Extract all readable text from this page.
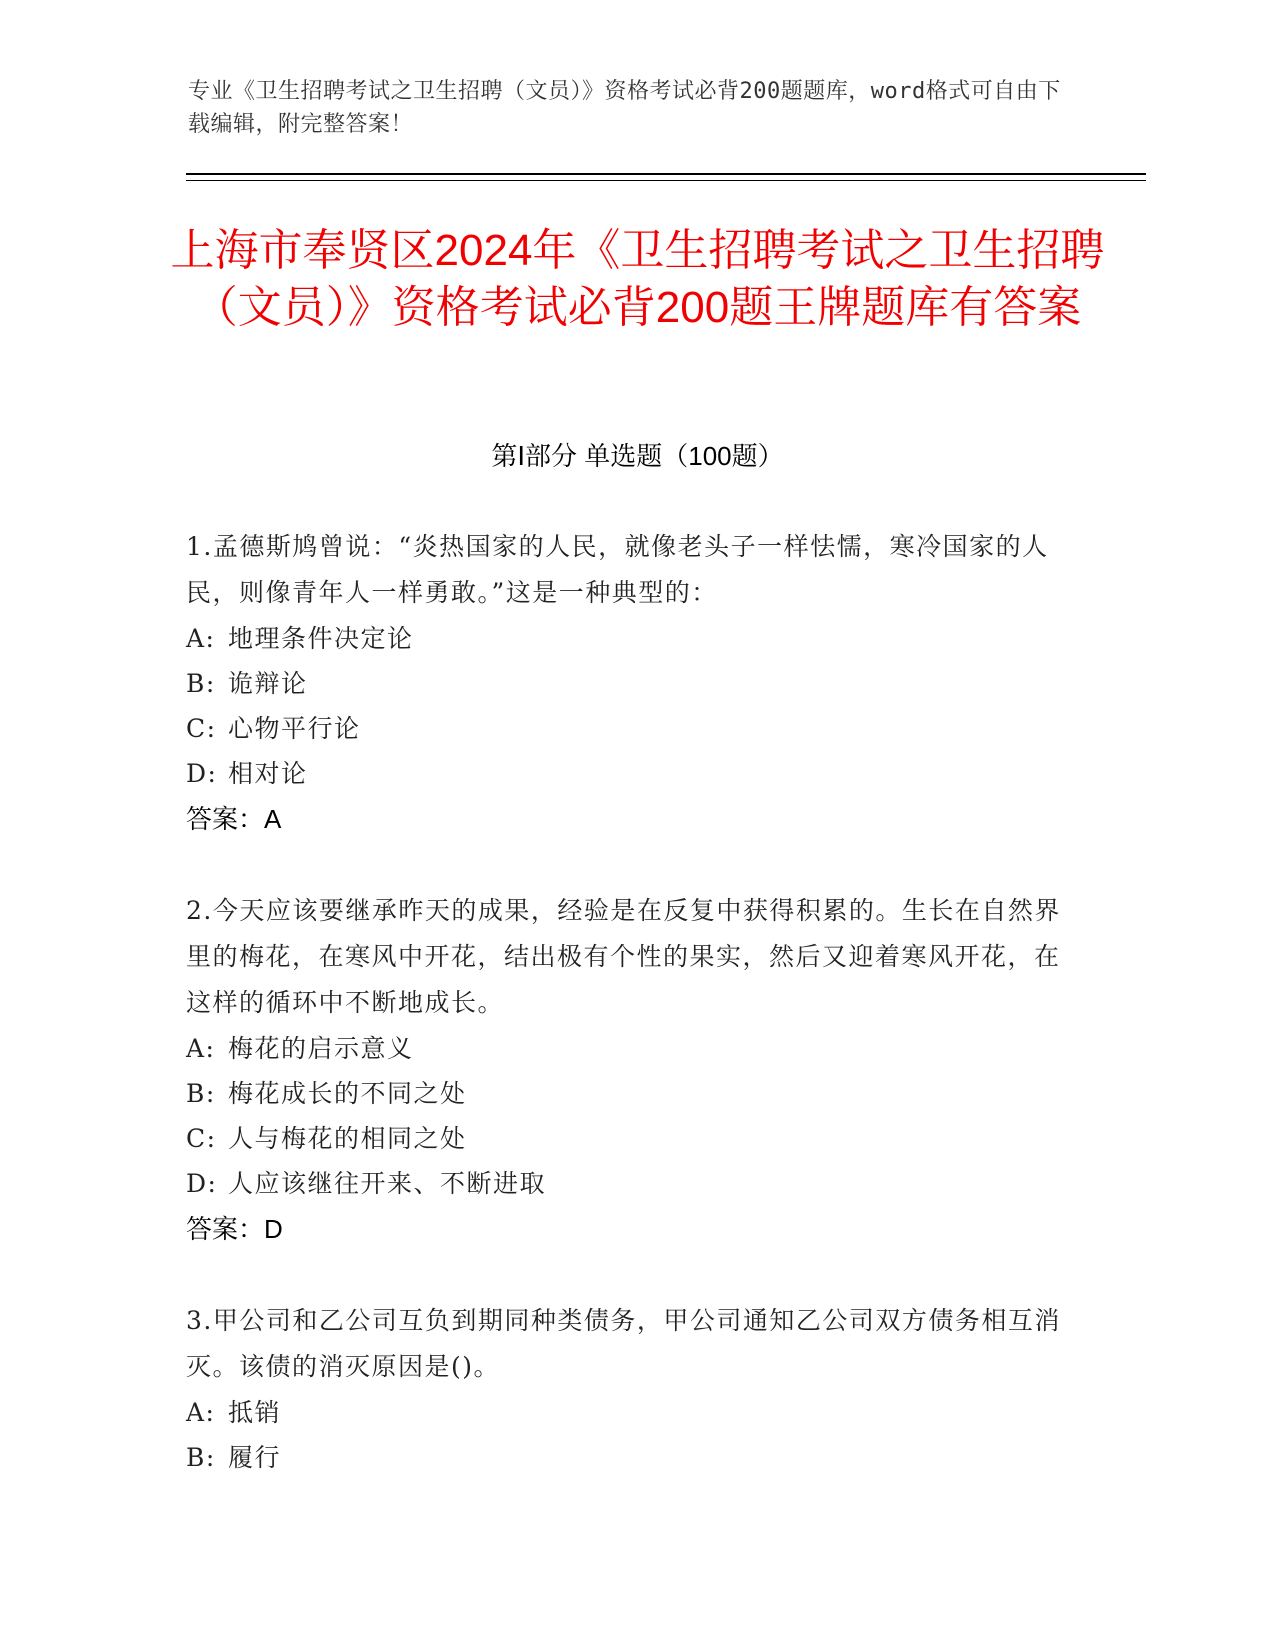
专业《卫生招聘考试之卫生招聘（文员）》资格考试必背200题题库，word格式可自由下载编辑，附完整答案！
上海市奉贤区2024年《卫生招聘考试之卫生招聘（文员）》资格考试必背200题王牌题库有答案
第Ⅰ部分 单选题（100题）
1.孟德斯鸠曾说：“炎热国家的人民，就像老头子一样怯懦，寒冷国家的人民，则像青年人一样勇敢。”这是一种典型的：
A: 地理条件决定论
B: 诡辩论
C: 心物平行论
D: 相对论
答案：A
2.今天应该要继承昨天的成果，经验是在反复中获得积累的。生长在自然界里的梅花，在寒风中开花，结出极有个性的果实，然后又迎着寒风开花，在这样的循环中不断地成长。
A: 梅花的启示意义
B: 梅花成长的不同之处
C: 人与梅花的相同之处
D: 人应该继往开来、不断进取
答案：D
3.甲公司和乙公司互负到期同种类债务，甲公司通知乙公司双方债务相互消灭。该债的消灭原因是()。
A: 抵销
B: 履行
